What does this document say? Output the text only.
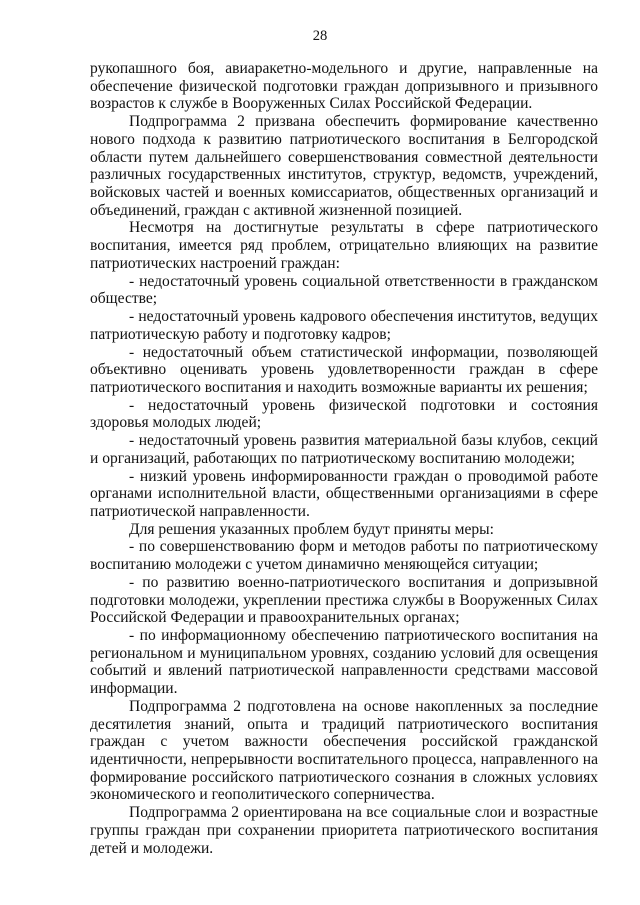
28

рукопашного боя, авиаракетно-модельного и другие, направленные на обеспечение физической подготовки граждан допризывного и призывного возрастов к службе в Вооруженных Силах Российской Федерации.

Подпрограмма 2 призвана обеспечить формирование качественно нового подхода к развитию патриотического воспитания в Белгородской области путем дальнейшего совершенствования совместной деятельности различных государственных институтов, структур, ведомств, учреждений, войсковых частей и военных комиссариатов, общественных организаций и объединений, граждан с активной жизненной позицией.

Несмотря на достигнутые результаты в сфере патриотического воспитания, имеется ряд проблем, отрицательно влияющих на развитие патриотических настроений граждан:

- недостаточный уровень социальной ответственности в гражданском обществе;

- недостаточный уровень кадрового обеспечения институтов, ведущих патриотическую работу и подготовку кадров;

- недостаточный объем статистической информации, позволяющей объективно оценивать уровень удовлетворенности граждан в сфере патриотического воспитания и находить возможные варианты их решения;

- недостаточный уровень физической подготовки и состояния здоровья молодых людей;

- недостаточный уровень развития материальной базы клубов, секций и организаций, работающих по патриотическому воспитанию молодежи;

- низкий уровень информированности граждан о проводимой работе органами исполнительной власти, общественными организациями в сфере патриотической направленности.

Для решения указанных проблем будут приняты меры:

- по совершенствованию форм и методов работы по патриотическому воспитанию молодежи с учетом динамично меняющейся ситуации;

- по развитию военно-патриотического воспитания и допризывной подготовки молодежи, укреплении престижа службы в Вооруженных Силах Российской Федерации и правоохранительных органах;

- по информационному обеспечению патриотического воспитания на региональном и муниципальном уровнях, созданию условий для освещения событий и явлений патриотической направленности средствами массовой информации.

Подпрограмма 2 подготовлена на основе накопленных за последние десятилетия знаний, опыта и традиций патриотического воспитания граждан с учетом важности обеспечения российской гражданской идентичности, непрерывности воспитательного процесса, направленного на формирование российского патриотического сознания в сложных условиях экономического и геополитического соперничества.

Подпрограмма 2 ориентирована на все социальные слои и возрастные группы граждан при сохранении приоритета патриотического воспитания детей и молодежи.
